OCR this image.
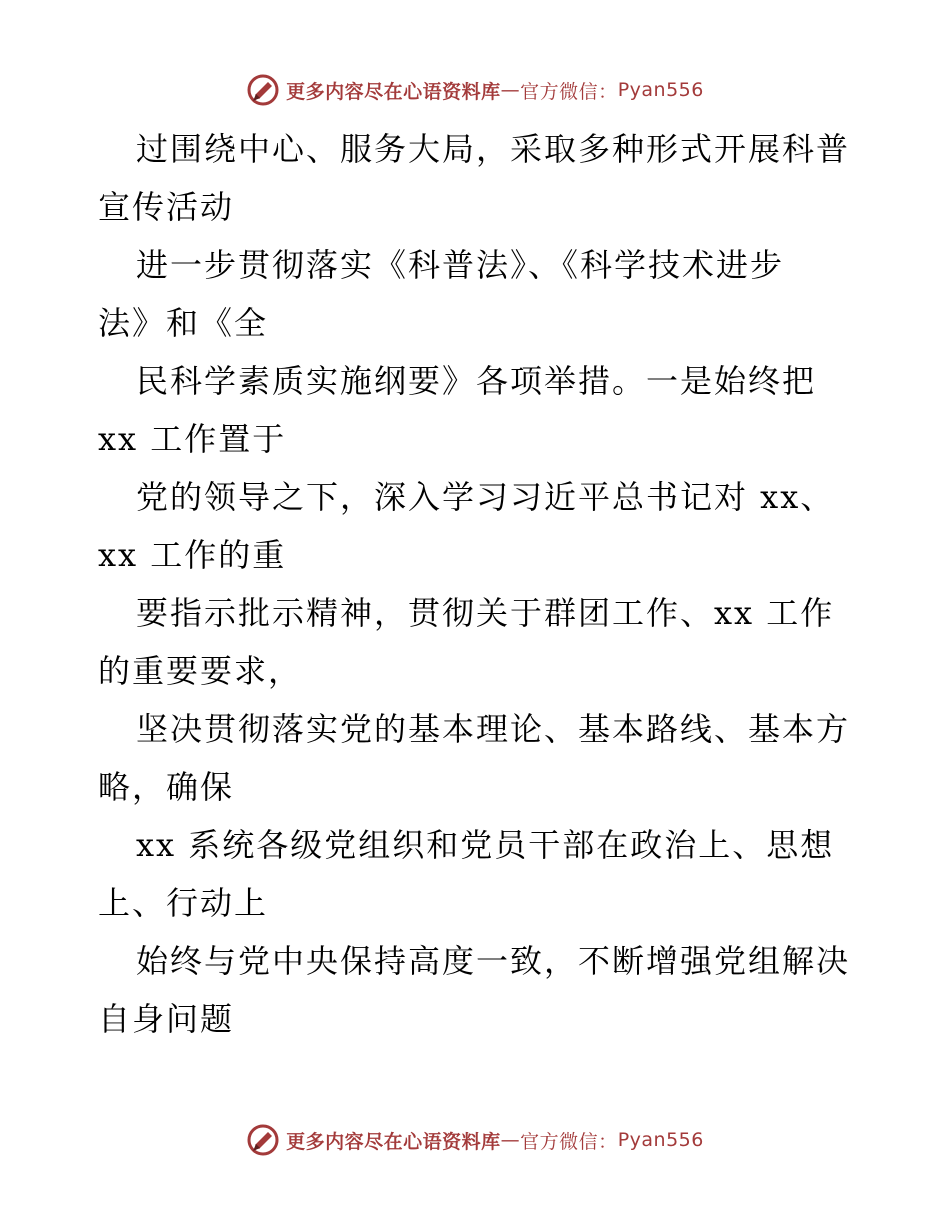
更多内容尽在心语资料库 — 官方微信： Pyan556
过围绕中心、服务大局，采取多种形式开展科普
宣传活动
进一步贯彻落实《科普法》、《科学技术进步
法》和《全
民科学素质实施纲要》各项举措。一是始终把
xx 工作置于
党的领导之下，深入学习习近平总书记对 xx、
xx 工作的重
要指示批示精神，贯彻关于群团工作、xx 工作
的重要要求，
坚决贯彻落实党的基本理论、基本路线、基本方
略，确保
xx 系统各级党组织和党员干部在政治上、思想
上、行动上
始终与党中央保持高度一致，不断增强党组解决
自身问题
更多内容尽在心语资料库 — 官方微信： Pyan556
